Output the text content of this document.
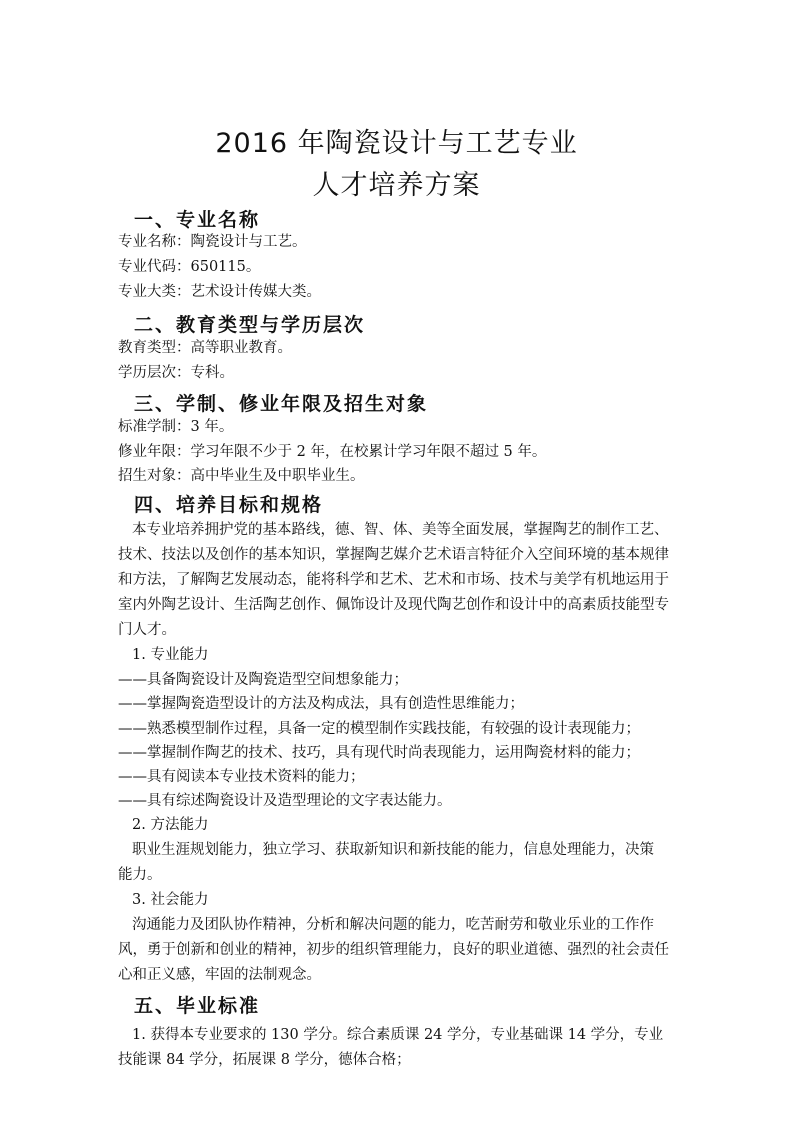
2016 年陶瓷设计与工艺专业
人才培养方案
一、专业名称
专业名称：陶瓷设计与工艺。
专业代码：650115。
专业大类：艺术设计传媒大类。
二、教育类型与学历层次
教育类型：高等职业教育。
学历层次：专科。
三、学制、修业年限及招生对象
标准学制：3 年。
修业年限：学习年限不少于 2 年，在校累计学习年限不超过 5 年。
招生对象：高中毕业生及中职毕业生。
四、培养目标和规格
本专业培养拥护党的基本路线，德、智、体、美等全面发展，掌握陶艺的制作工艺、
技术、技法以及创作的基本知识，掌握陶艺媒介艺术语言特征介入空间环境的基本规律
和方法，了解陶艺发展动态，能将科学和艺术、艺术和市场、技术与美学有机地运用于
室内外陶艺设计、生活陶艺创作、佩饰设计及现代陶艺创作和设计中的高素质技能型专
门人才。
1. 专业能力
——具备陶瓷设计及陶瓷造型空间想象能力；
——掌握陶瓷造型设计的方法及构成法，具有创造性思维能力；
——熟悉模型制作过程，具备一定的模型制作实践技能，有较强的设计表现能力；
——掌握制作陶艺的技术、技巧，具有现代时尚表现能力，运用陶瓷材料的能力；
——具有阅读本专业技术资料的能力；
——具有综述陶瓷设计及造型理论的文字表达能力。
2. 方法能力
职业生涯规划能力，独立学习、获取新知识和新技能的能力，信息处理能力，决策
能力。
3. 社会能力
沟通能力及团队协作精神，分析和解决问题的能力，吃苦耐劳和敬业乐业的工作作
风，勇于创新和创业的精神，初步的组织管理能力，良好的职业道德、强烈的社会责任
心和正义感，牢固的法制观念。
五、毕业标准
1. 获得本专业要求的 130 学分。综合素质课 24 学分，专业基础课 14 学分，专业
技能课 84 学分，拓展课 8 学分，德体合格；
